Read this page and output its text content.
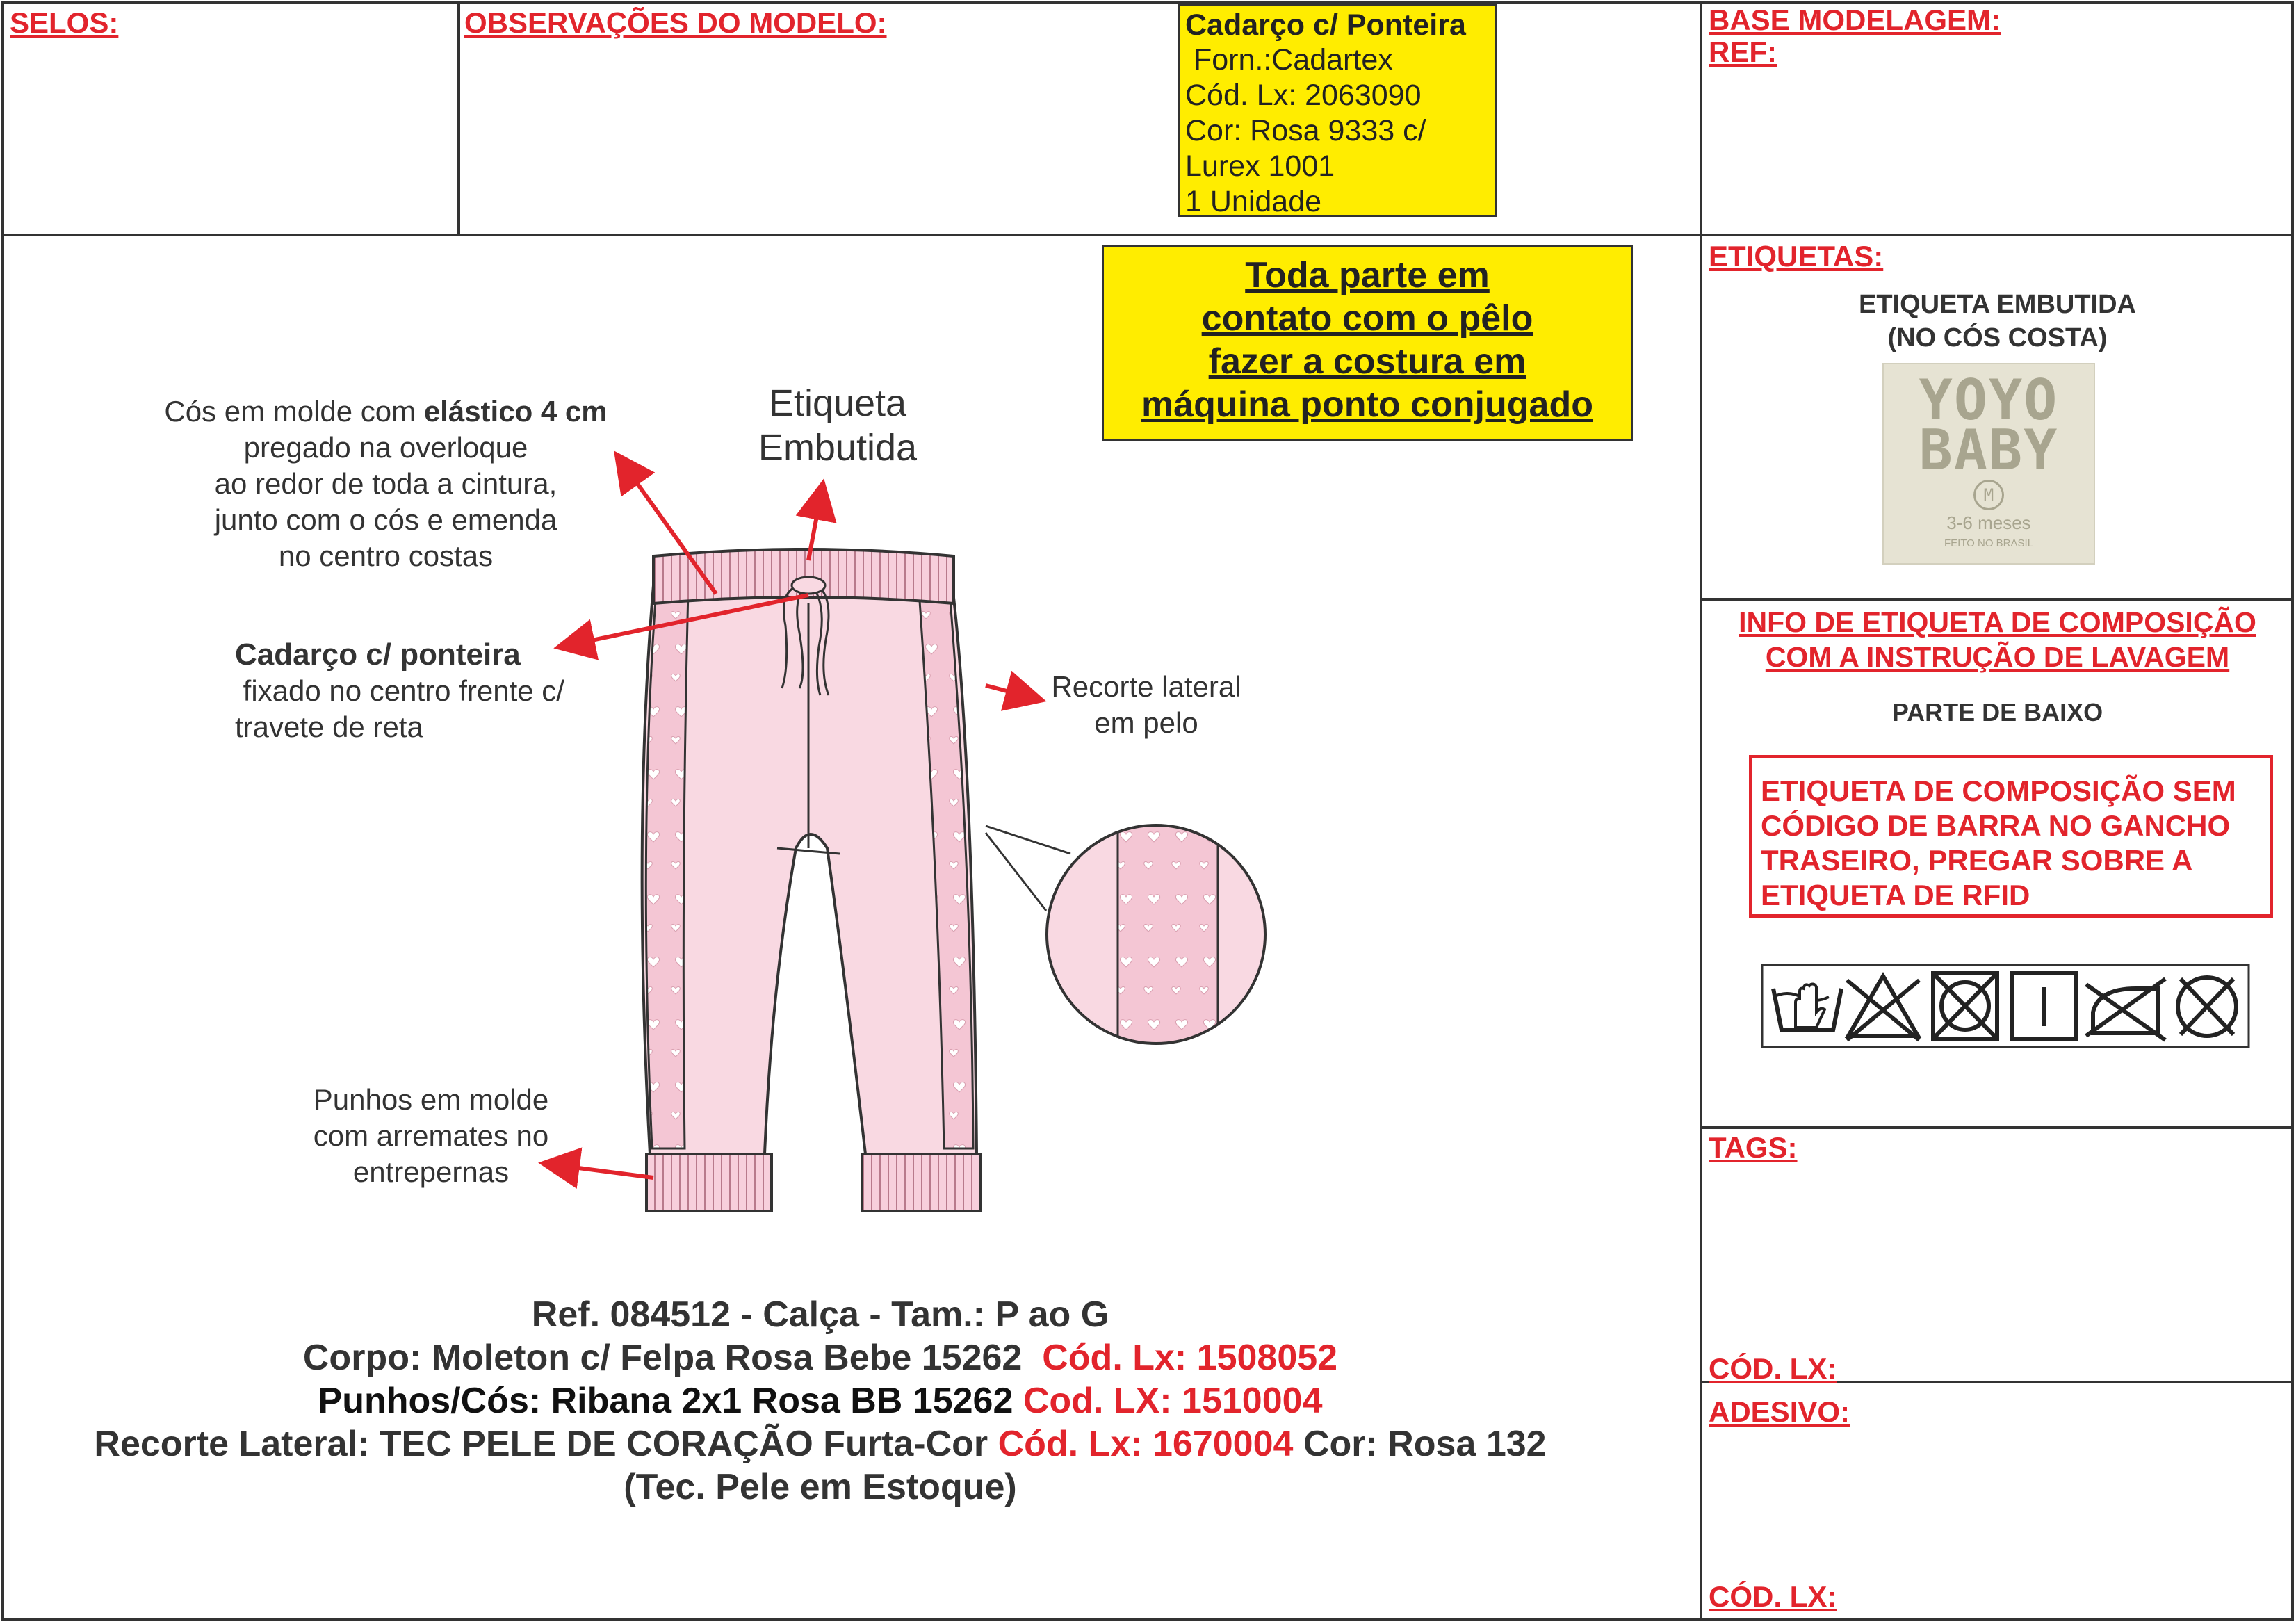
SELOS:	OBSERVAÇÕES DO MODELO:	BASE MODELAGEM:
REF:
Cadarço c/ Ponteira
Forn.:Cadartex
Cód. Lx: 2063090
Cor: Rosa 9333 c/
Lurex 1001
1 Unidade
Toda parte em
contato com o pêlo
fazer a costura em
máquina ponto conjugado
Cós em molde com elástico 4 cm
pregado na overloque
ao redor de toda a cintura,
junto com o cós e emenda
no centro costas
Etiqueta
Embutida
Cadarço c/ ponteira
fixado no centro frente c/
travete de reta
Recorte lateral
em pelo
Punhos em molde
com arremates no
entrepernas
Ref. 084512 - Calça - Tam.: P ao G
Corpo: Moleton c/ Felpa Rosa Bebe 15262  Cód. Lx: 1508052
Punhos/Cós: Ribana 2x1 Rosa BB 15262 Cod. LX: 1510004
Recorte Lateral: TEC PELE DE CORAÇÃO Furta-Cor Cód. Lx: 1670004 Cor: Rosa 132
(Tec. Pele em Estoque)
ETIQUETAS:
ETIQUETA EMBUTIDA
(NO CÓS COSTA)
YOYO
BABY
M
3-6 meses
FEITO NO BRASIL
INFO DE ETIQUETA DE COMPOSIÇÃO
COM A INSTRUÇÃO DE LAVAGEM
PARTE DE BAIXO
ETIQUETA DE COMPOSIÇÃO SEM
CÓDIGO DE BARRA NO GANCHO
TRASEIRO, PREGAR SOBRE A
ETIQUETA DE RFID
TAGS:
CÓD. LX:
ADESIVO:
CÓD. LX:
